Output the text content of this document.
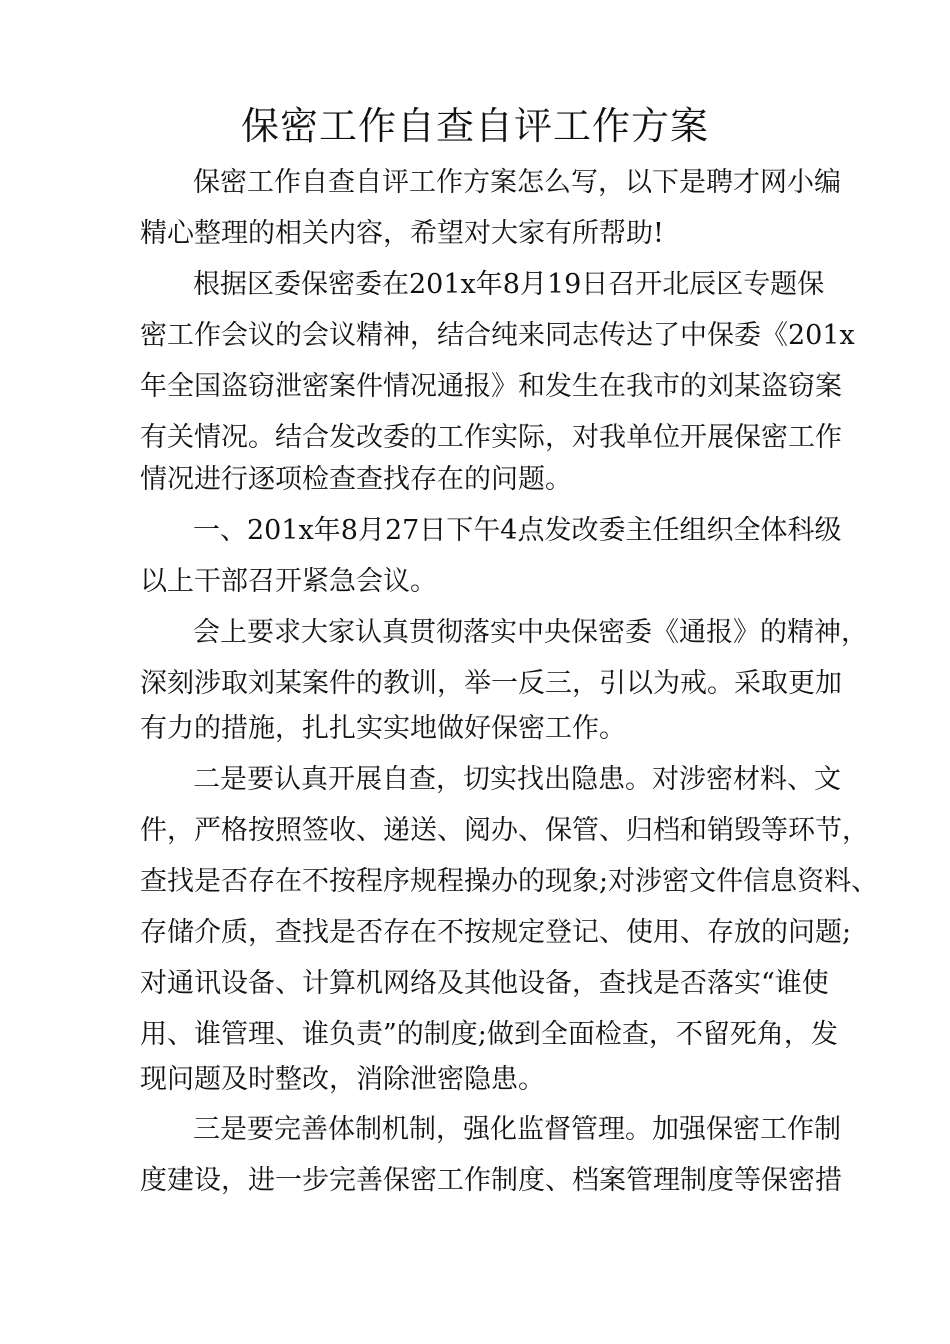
保密工作自查自评工作方案
保密工作自查自评工作方案怎么写，以下是聘才网小编
精心整理的相关内容，希望对大家有所帮助!
根据区委保密委在201x年8月19日召开北辰区专题保
密工作会议的会议精神，结合纯来同志传达了中保委《201x
年全国盗窃泄密案件情况通报》和发生在我市的刘某盗窃案
有关情况。结合发改委的工作实际，对我单位开展保密工作
情况进行逐项检查查找存在的问题。
一、201x年8月27日下午4点发改委主任组织全体科级
以上干部召开紧急会议。
会上要求大家认真贯彻落实中央保密委《通报》的精神，
深刻涉取刘某案件的教训，举一反三，引以为戒。采取更加
有力的措施，扎扎实实地做好保密工作。
二是要认真开展自查，切实找出隐患。对涉密材料、文
件，严格按照签收、递送、阅办、保管、归档和销毁等环节，
查找是否存在不按程序规程操办的现象;对涉密文件信息资料、
存储介质，查找是否存在不按规定登记、使用、存放的问题;
对通讯设备、计算机网络及其他设备，查找是否落实“谁使
用、谁管理、谁负责”的制度;做到全面检查，不留死角，发
现问题及时整改，消除泄密隐患。
三是要完善体制机制，强化监督管理。加强保密工作制
度建设，进一步完善保密工作制度、档案管理制度等保密措
